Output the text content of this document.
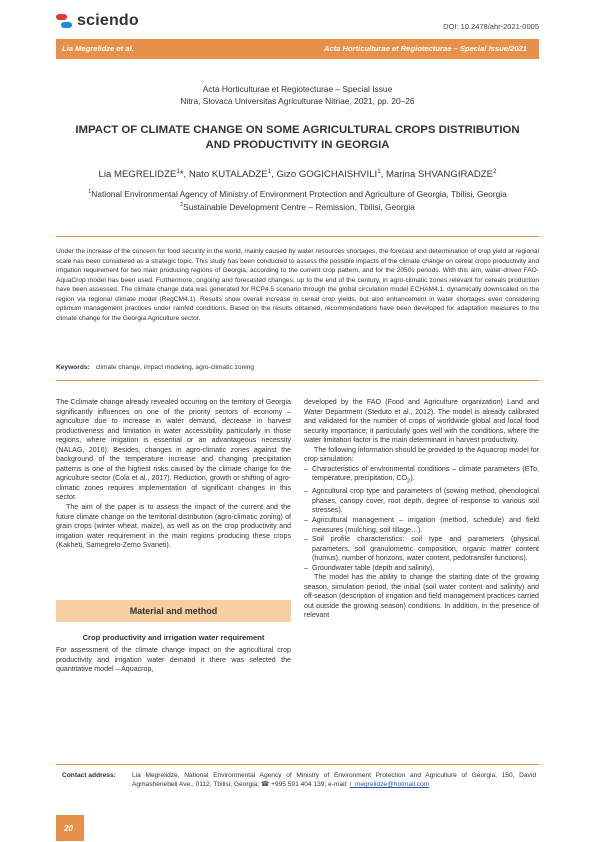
sciendo	DOI: 10.2478/ahr-2021-0005
Lia Megrelidze et al.	Acta Horticulturae et Regiotecturae – Special Issue/2021
Acta Horticulturae et Regiotecturae – Special Issue
Nitra, Slovaca Universitas Agriculturae Nitriae, 2021, pp. 20–26
IMPACT OF CLIMATE CHANGE ON SOME AGRICULTURAL CROPS DISTRIBUTION
AND PRODUCTIVITY IN GEORGIA
Lia MEGRELIDZE$^1$*, Nato KUTALADZE$^1$, Gizo GOGICHAISHVILI$^1$, Marina SHVANGIRADZE$^2$
$^1$National Environmental Agency of Ministry of Environment Protection and Agriculture of Georgia, Tbilisi, Georgia
$^2$Sustainable Development Centre – Remission, Tbilisi, Georgia
Under the increase of the concern for food security in the world, mainly caused by water resources shortages, the forecast and determination of crop yield at regional scale has been considered as a strategic topic. This study has been conducted to assess the possible impacts of the climate change on cereal crops productivity and irrigation requirement for two main producing regions of Georgia, according to the current crop pattern, and for the 2050s periods. With this aim, water-driven FAO-AquaCrop model has been used. Furthermore, ongoing and forecasted changes, up to the end of the century, in agro-climatic zones relevant for cereals production have been assessed. The climate change data was generated for RCP4.5 scenario through the global circulation model ECHAM4.1, dynamically downscaled on the region via regional climate model (RegCM4.1). Results show overall increase in cereal crop yields, but also enhancement in water shortages even considering optimum management practices under rainfed conditions. Based on the results obtained, recommendations have been developed for adaptation measures to the climate change for the Georgia Agriculture sector.
Keywords: climate change, impact modeling, agro-climatic zoning

The Cclimate change already revealed occuring on the territory of Georgia significantly influences on one of the priority sectors of economy – agriculture due to increase in water demand, decrease in harvest productiveness and limitation in water accessibility particularly in those regions, where irrigation is essential or an advantageous necessity (NALAG, 2016). Besides, changes in agro-climatic zones against the background of the temperature increase and changing precipitation patterns is one of the highest risks caused by the climate change for the agriculture sector (Cola et al., 2017). Reduction, growth or shifting of agro-climatic zones requires implementation of significant changes in this sector.

The aim of the paper is to assess the impact of the current and the future climate change on the territorial distribution (agro-climatic zoning) of grain crops (winter wheat, maize), as well as on the crop productivity and irrigation water requirement in the main regions producing these crops (Kakheti, Samegrelo-Zemo Svaneti).

Material and method
Crop productivity and irrigation water requirement

For assessment of the climate change impact on the agricultural crop productivity and irrigation water demand it there was selected the quantitative model – Aquacrop,

developed by the FAO (Food and Agriculture organization) Land and Water Department (Steduto et al., 2012). The model is already calibrated and validated for the number of crops of worldwide global and local food security importance; it particularly goes well with the conditions, where the water limitation factor is the main determinant in harvest productivity.

The following information should be provided to the Aquacrop model for crop simulation:

– Characteristics of environmental conditions – climate parameters (ETo, temperature, precipitation, $CO_2$).
– Agricultural crop type and parameters of (sowing method, phenological phases, canopy cover, root depth, degree of response to various soil stresses).
– Agricultural management – irrigation (method, schedule) and field measures (mulching, soil tillage…).
– Soil profile characteristics: soil type and parameters (physical parameters, soil granulometric composition, organic matter content (humus), number of horizons, water content, pedotransfer functions).
– Groundwater table (depth and salinity).

The model has the ability to change the starting date of the growing season, simulation period, the initial (soil water content and salinity) and off-season (description of irrigation and field management practices carried out outside the growing season) conditions. In addition, in the presence of relevant

Contact address: Lia Megrelidze, National Environmental Agency of Ministry of Environment Protection and Agriculture of Georgia, 150, David Agmashenebeli Ave., 0112, Tbilisi, Georgia; ☎ +995 591 404 139; e-mail: l_megrelidze@hotmail.com
20
